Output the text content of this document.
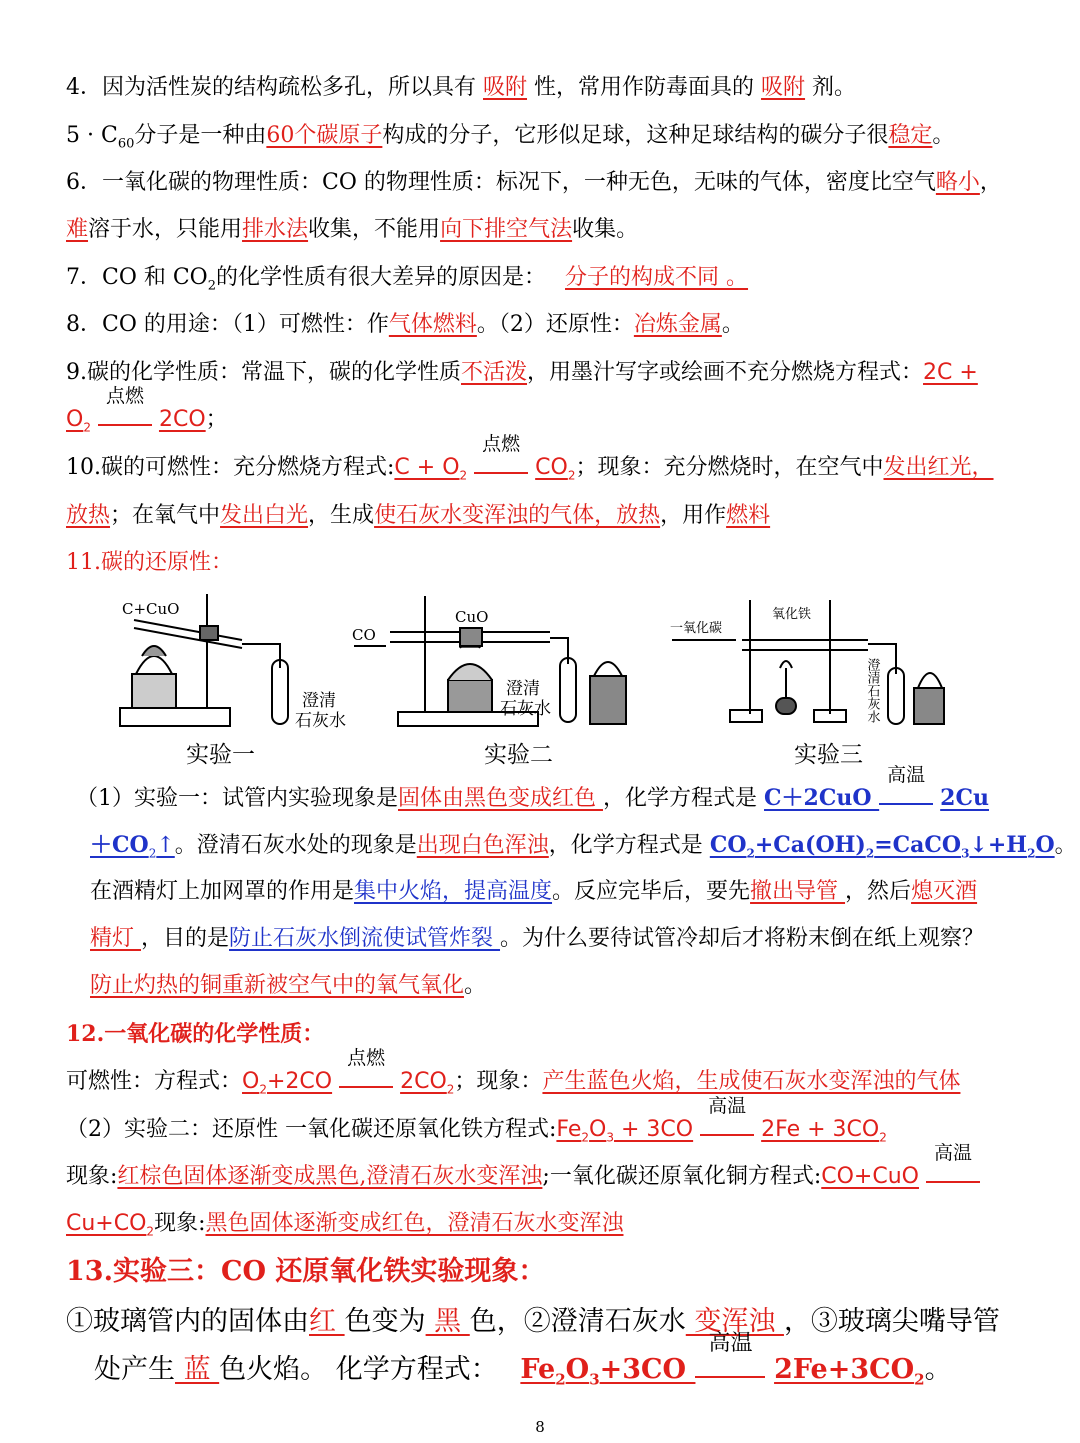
4．因为活性炭的结构疏松多孔，所以具有 吸附 性，常用作防毒面具的 吸附 剂。
$5 \cdot C_{60}$分子是一种由60个碳原子构成的分子，它形似足球，这种足球结构的碳分子很稳定。
6．一氧化碳的物理性质：CO 的物理性质：标况下，一种无色，无味的气体，密度比空气略小，
难溶于水，只能用排水法收集，不能用向下排空气法收集。
7．CO 和 $CO_2$的化学性质有很大差异的原因是： 分子的构成不同 。
8．CO 的用途：（1）可燃性：作气体燃料。（2）还原性：冶炼金属。
9.碳的化学性质：常温下，碳的化学性质不活泼，用墨汁写字或绘画不充分燃烧方程式：2C +
$O_2$
点燃
2CO；
10.碳的可燃性：充分燃烧方程式:C + $O_2$
点燃
$CO_2$；现象：充分燃烧时，在空气中发出红光，
放热；在氧气中发出白光，生成使石灰水变浑浊的气体，放热，用作燃料
11.碳的还原性：
C+CuO
澄清
石灰水
实验一
CO
CuO
澄清
石灰水
实验二
一氧化碳
氧化铁
澄清石灰水
实验三
（1）实验一：试管内实验现象是固体由黑色变成红色 ，化学方程式是 C＋2CuO
高温
2Cu
$+CO_2↑$。澄清石灰水处的现象是出现白色浑浊，化学方程式是 $CO_2+Ca(OH)_2=CaCO_3↓+H_2O$。
在酒精灯上加网罩的作用是集中火焰，提高温度。反应完毕后，要先撤出导管 ，然后熄灭酒
精灯 ，目的是防止石灰水倒流使试管炸裂 。为什么要待试管冷却后才将粉末倒在纸上观察？
防止灼热的铜重新被空气中的氧气氧化。
12.一氧化碳的化学性质：
可燃性：方程式：$O_2+2CO$
点燃
$2CO_2$；现象：产生蓝色火焰，生成使石灰水变浑浊的气体
（2）实验二：还原性 一氧化碳还原氧化铁方程式$:Fe_2O_3 + 3CO$
高温
$2Fe + 3CO_2$
现象:红棕色固体逐渐变成黑色,澄清石灰水变浑浊;一氧化碳还原氧化铜方程式:CO+CuO
高温
$Cu+CO_2$现象:黑色固体逐渐变成红色，澄清石灰水变浑浊
13.实验三：CO 还原氧化铁实验现象：
①玻璃管内的固体由红 色变为 黑 色，②澄清石灰水 变浑浊 ，③玻璃尖嘴导管
处产生 蓝 色火焰。 化学方程式： $Fe_2O_3+3CO$
高温
$2Fe+3CO_2$。
8
